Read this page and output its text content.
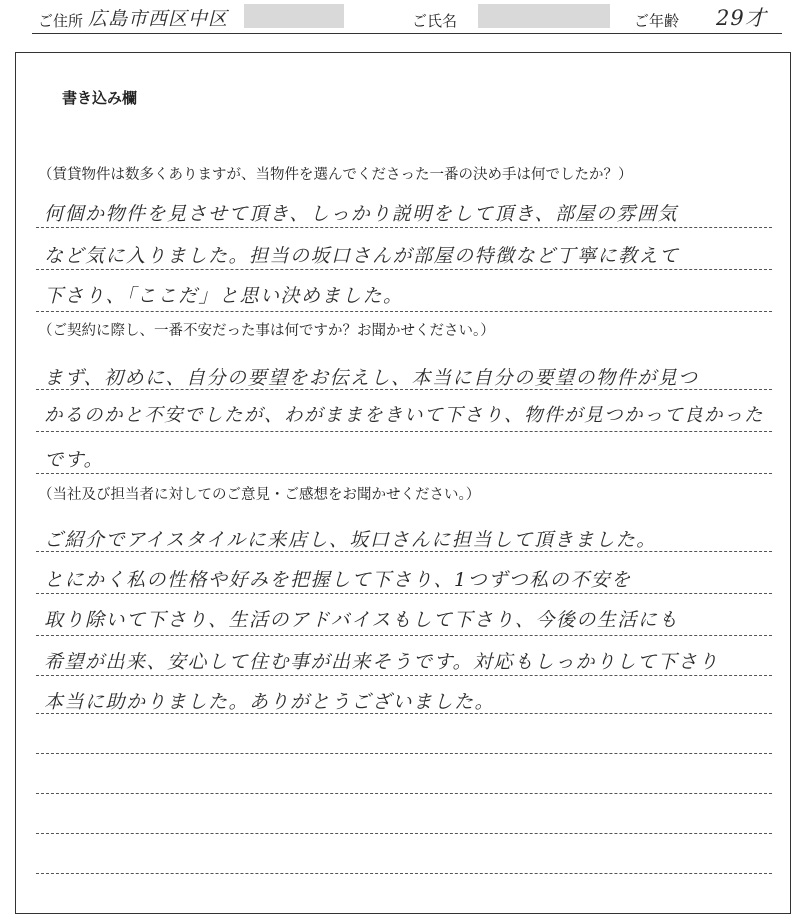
ご住所 広島市西区中区	ご氏名	ご年齢 29才
書き込み欄
（賃貸物件は数多くありますが、当物件を選んでくださった一番の決め手は何でしたか？）
何個か物件を見させて頂き、しっかり説明をして頂き、部屋の雰囲気
など気に入りました。担当の坂口さんが部屋の特徴など丁寧に教えて
下さり、「ここだ」と思い決めました。
（ご契約に際し、一番不安だった事は何ですか？お聞かせください。）
まず、初めに、自分の要望をお伝えし、本当に自分の要望の物件が見つ
かるのかと不安でしたが、わがままをきいて下さり、物件が見つかって良かった
です。
（当社及び担当者に対してのご意見・ご感想をお聞かせください。）
ご紹介でアイスタイルに来店し、坂口さんに担当して頂きました。
とにかく私の性格や好みを把握して下さり、1つずつ私の不安を
取り除いて下さり、生活のアドバイスもして下さり、今後の生活にも
希望が出来、安心して住む事が出来そうです。対応もしっかりして下さり
本当に助かりました。ありがとうございました。
